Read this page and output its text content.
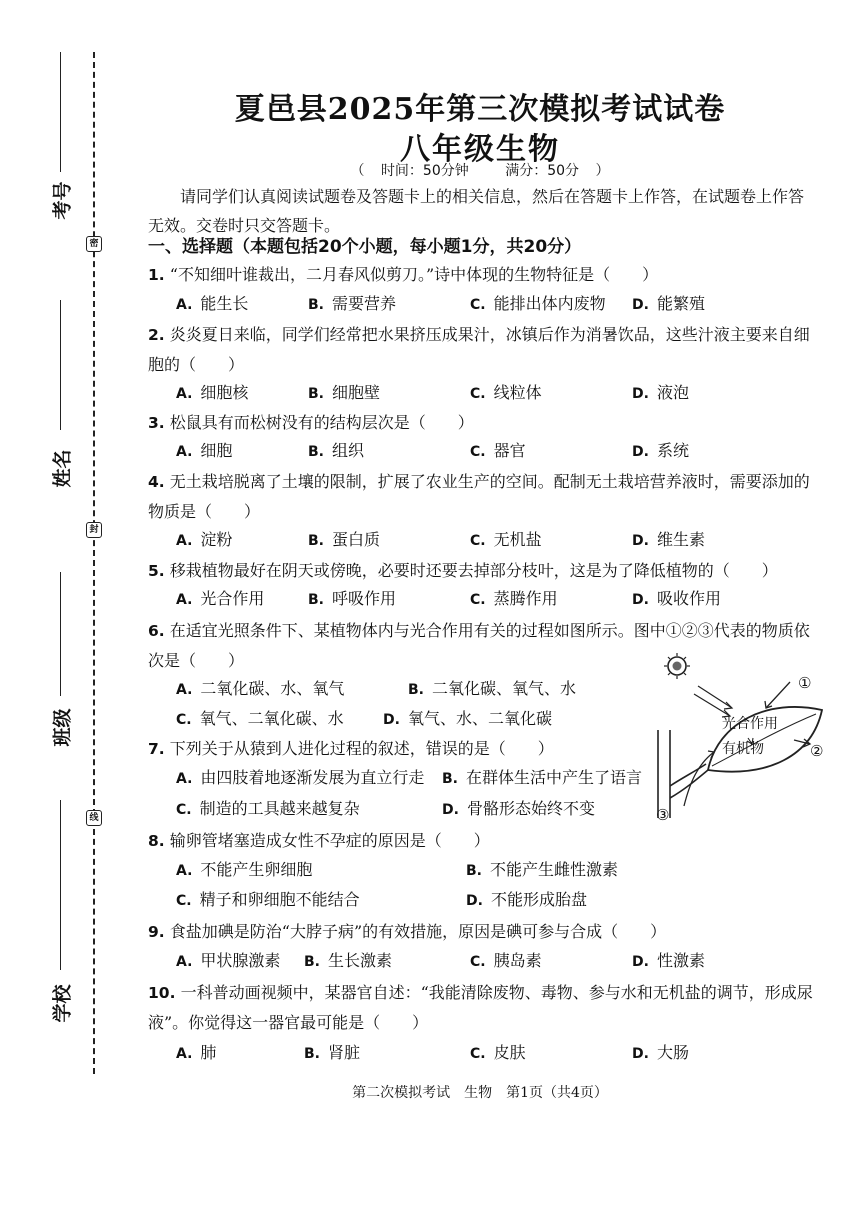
考号
姓名
班级
学校
密
封
线
夏邑县2025年第三次模拟考试试卷
八年级生物
（ 时间：50分钟	满分：50分 ）
请同学们认真阅读试题卷及答题卡上的相关信息，然后在答题卡上作答，在试题卷上作答无效。交卷时只交答题卡。
一、选择题（本题包括20个小题，每小题1分，共20分）
1. “不知细叶谁裁出，二月春风似剪刀。”诗中体现的生物特征是（　　）
A. 能生长	B. 需要营养	C. 能排出体内废物 D. 能繁殖
2. 炎炎夏日来临，同学们经常把水果挤压成果汁，冰镇后作为消暑饮品，这些汁液主要来自细胞的（　　）
A. 细胞核	B. 细胞壁	C. 线粒体	D. 液泡
3. 松鼠具有而松树没有的结构层次是（　　）
A. 细胞	B. 组织	C. 器官	D. 系统
4. 无土栽培脱离了土壤的限制，扩展了农业生产的空间。配制无土栽培营养液时，需要添加的物质是（　　）
A. 淀粉	B. 蛋白质	C. 无机盐	D. 维生素
5. 移栽植物最好在阴天或傍晚，必要时还要去掉部分枝叶，这是为了降低植物的（　　）
A. 光合作用	B. 呼吸作用	C. 蒸腾作用	D. 吸收作用
6. 在适宜光照条件下、某植物体内与光合作用有关的过程如图所示。图中①②③代表的物质依次是（　　）
A. 二氧化碳、水、氧气	B. 二氧化碳、氧气、水
C. 氧气、二氧化碳、水	D. 氧气、水、二氧化碳
7. 下列关于从猿到人进化过程的叙述，错误的是（　　）
A. 由四肢着地逐渐发展为直立行走 B. 在群体生活中产生了语言
C. 制造的工具越来越复杂	D. 骨骼形态始终不变
8. 输卵管堵塞造成女性不孕症的原因是（　　）
A. 不能产生卵细胞	B. 不能产生雌性激素
C. 精子和卵细胞不能结合	D. 不能形成胎盘
9. 食盐加碘是防治“大脖子病”的有效措施，原因是碘可参与合成（　　）
A. 甲状腺激素 B. 生长激素	C. 胰岛素	D. 性激素
10. 一科普动画视频中，某器官自述：“我能清除废物、毒物、参与水和无机盐的调节，形成尿液”。你觉得这一器官最可能是（　　）
A. 肺	B. 肾脏	C. 皮肤	D. 大肠
①
②
③
光合作用
有机物
第二次模拟考试　生物　第1页（共4页）
